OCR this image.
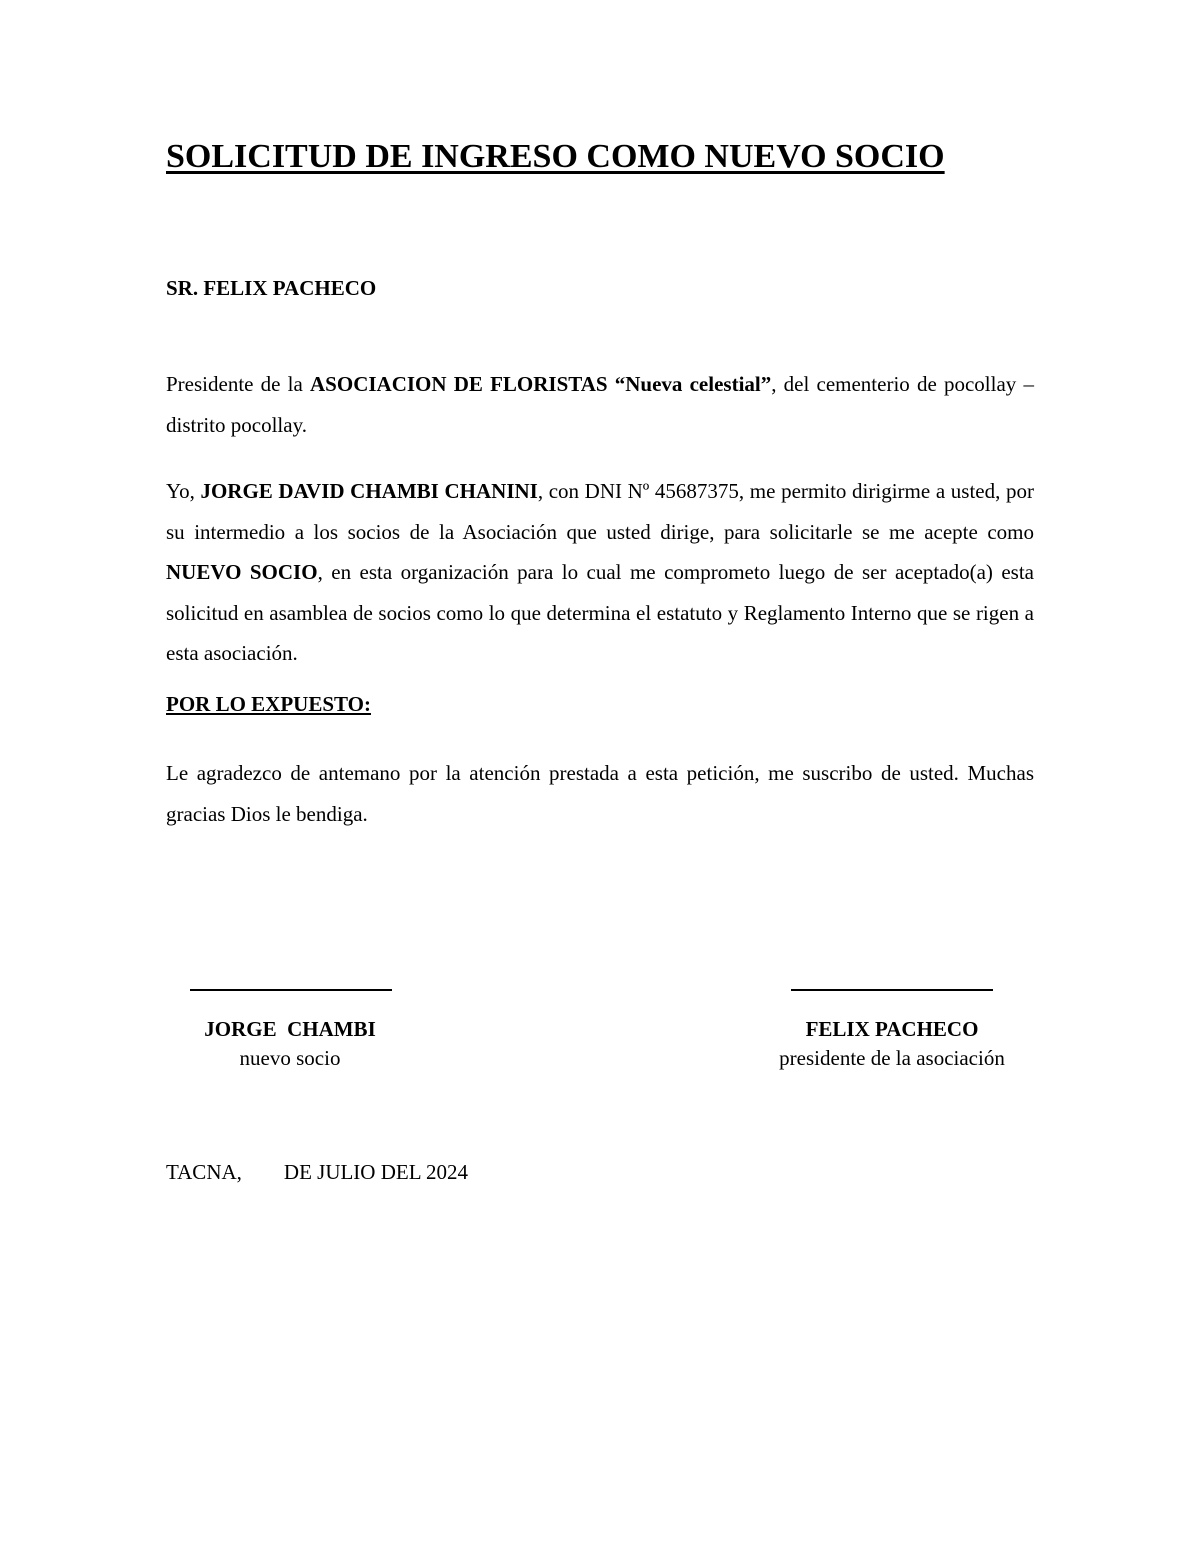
SOLICITUD DE INGRESO COMO NUEVO SOCIO
SR. FELIX PACHECO
Presidente de la ASOCIACION DE FLORISTAS “Nueva celestial”, del cementerio de pocollay – distrito pocollay.
Yo, JORGE DAVID CHAMBI CHANINI, con DNI Nº 45687375, me permito dirigirme a usted, por su intermedio a los socios de la Asociación que usted dirige, para solicitarle se me acepte como NUEVO SOCIO, en esta organización para lo cual me comprometo luego de ser aceptado(a) esta solicitud en asamblea de socios como lo que determina el estatuto y Reglamento Interno que se rigen a esta asociación.
POR LO EXPUESTO:
Le agradezco de antemano por la atención prestada a esta petición, me suscribo de usted. Muchas gracias Dios le bendiga.
JORGE  CHAMBI
nuevo socio
FELIX PACHECO
presidente de la asociación
TACNA,        DE JULIO DEL 2024
